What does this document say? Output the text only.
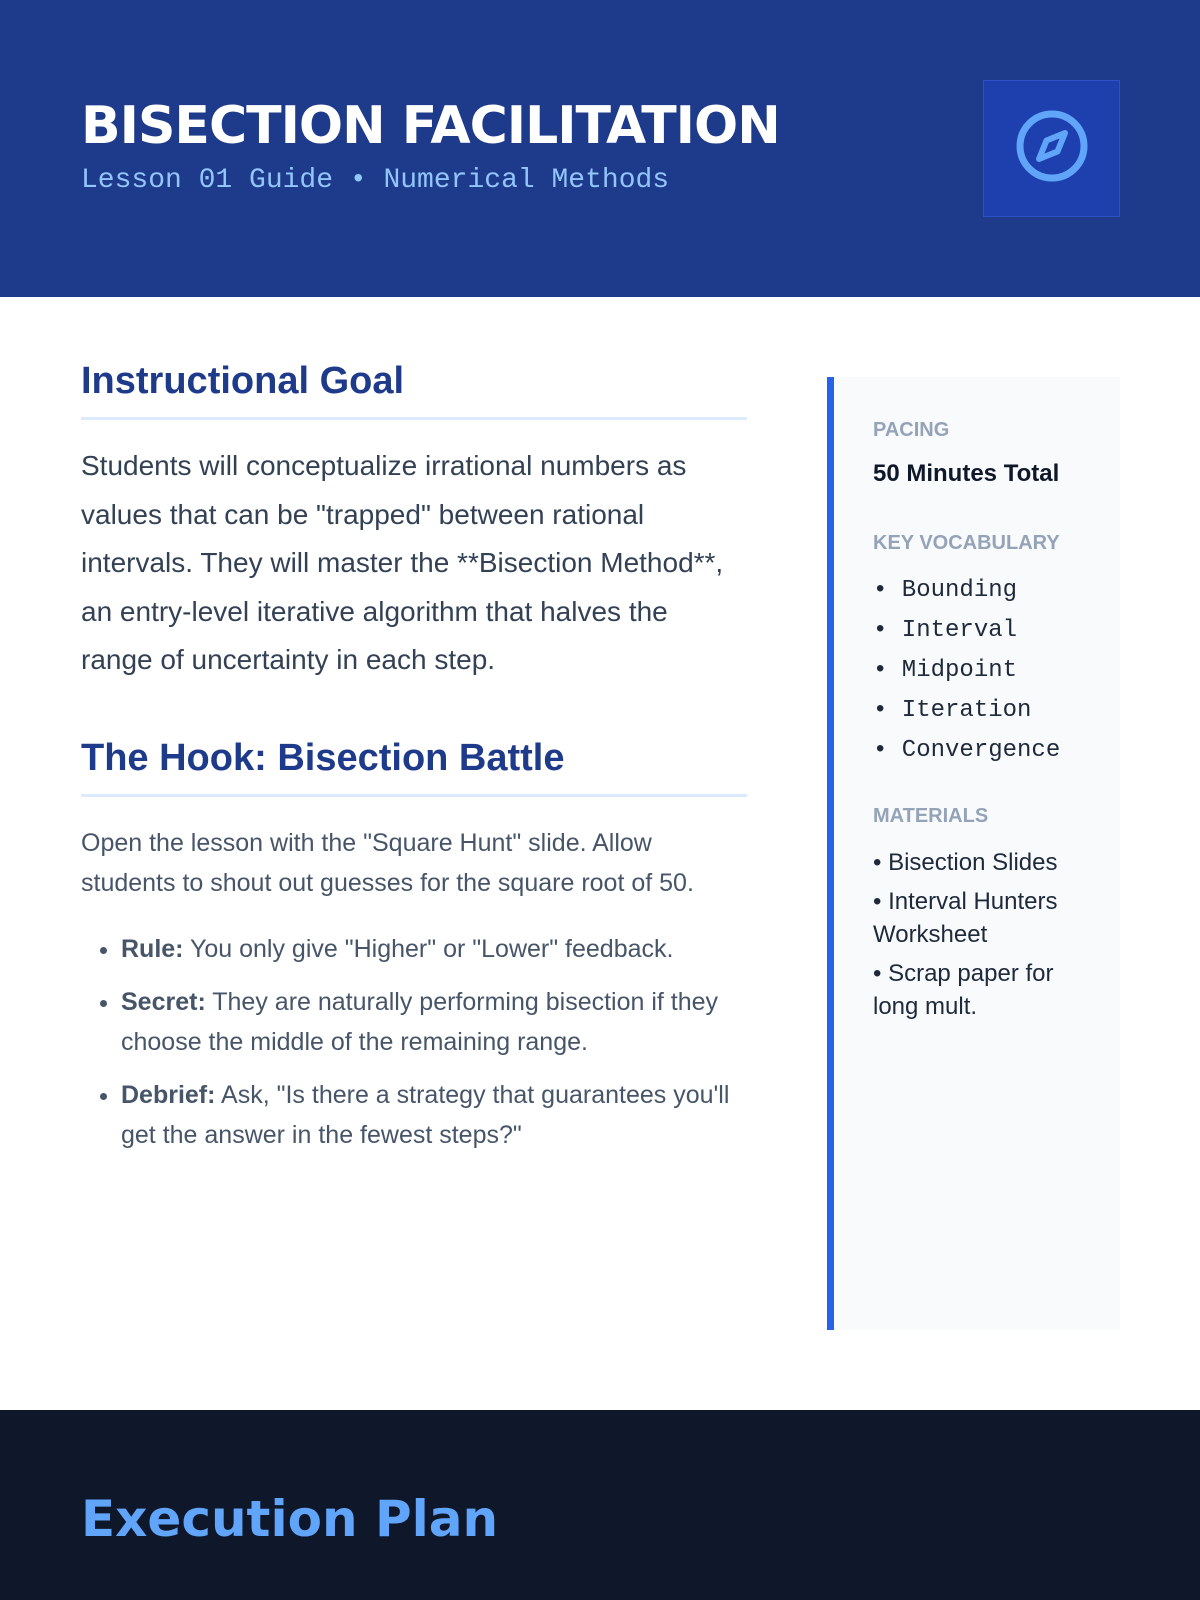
BISECTION FACILITATION
Lesson 01 Guide • Numerical Methods
Instructional Goal

Students will conceptualize irrational numbers as values that can be "trapped" between rational intervals. They will master the **Bisection Method**, an entry-level iterative algorithm that halves the range of uncertainty in each step.

The Hook: Bisection Battle

Open the lesson with the "Square Hunt" slide. Allow students to shout out guesses for the square root of 50.

• Rule: You only give "Higher" or "Lower" feedback.
• Secret: They are naturally performing bisection if they choose the middle of the remaining range.
• Debrief: Ask, "Is there a strategy that guarantees you'll get the answer in the fewest steps?"
PACING
50 Minutes Total
KEY VOCABULARY
• Bounding
• Interval
• Midpoint
• Iteration
• Convergence
MATERIALS
• Bisection Slides
• Interval Hunters Worksheet
• Scrap paper for long mult.
Execution Plan
